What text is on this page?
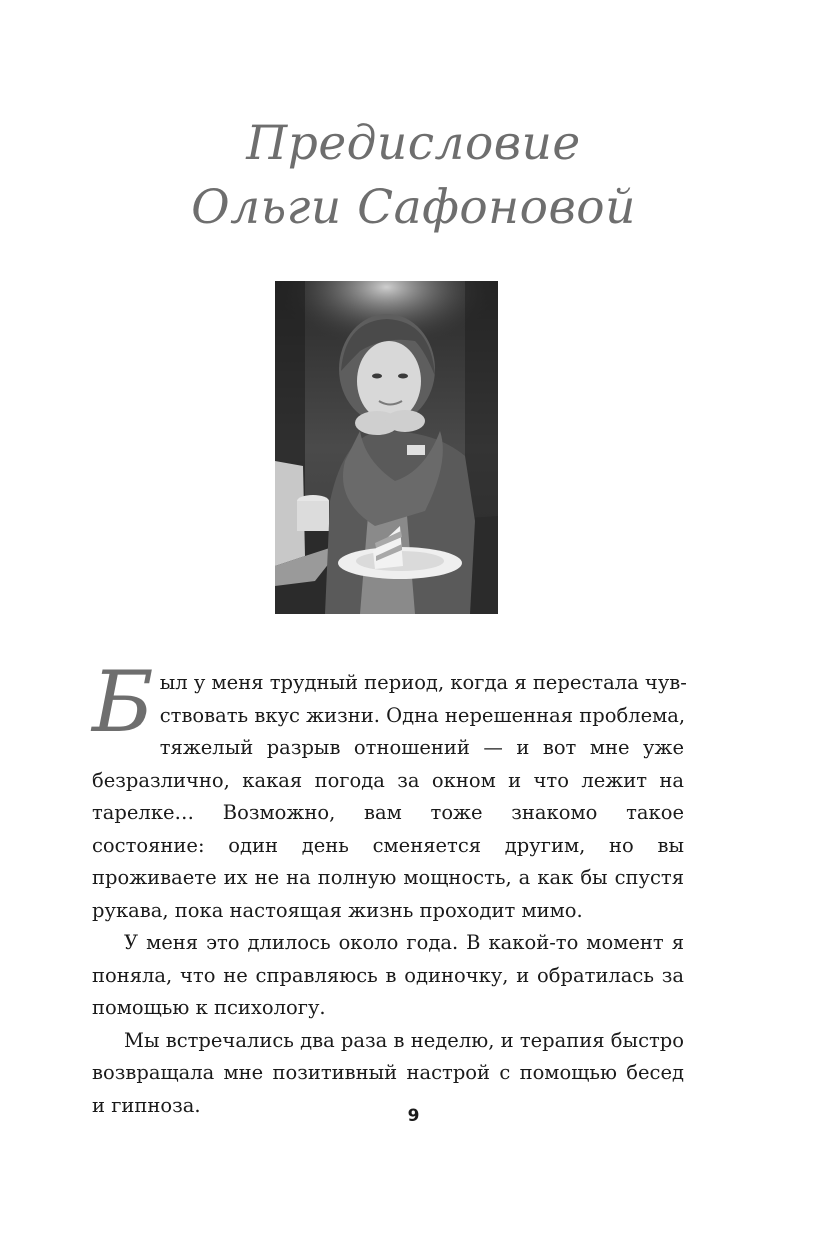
Предисловие
Ольги Сафоновой

Б ыл у меня трудный период, когда я перестала чув-
ствовать вкус жизни. Одна нерешенная проблема,
тяжелый разрыв отношений — и вот мне уже безразлично, какая погода за окном и что лежит на тарелке… Возможно, вам тоже знакомо такое состояние: один день сменяется другим, но вы проживаете их не на полную мощность, а как бы спустя рукава, пока настоящая жизнь проходит мимо.

У меня это длилось около года. В какой-то момент я поняла, что не справляюсь в одиночку, и обратилась за помощью к психологу.

Мы встречались два раза в неделю, и терапия быстро возвращала мне позитивный настрой с помощью бесед и гипноза.	9
